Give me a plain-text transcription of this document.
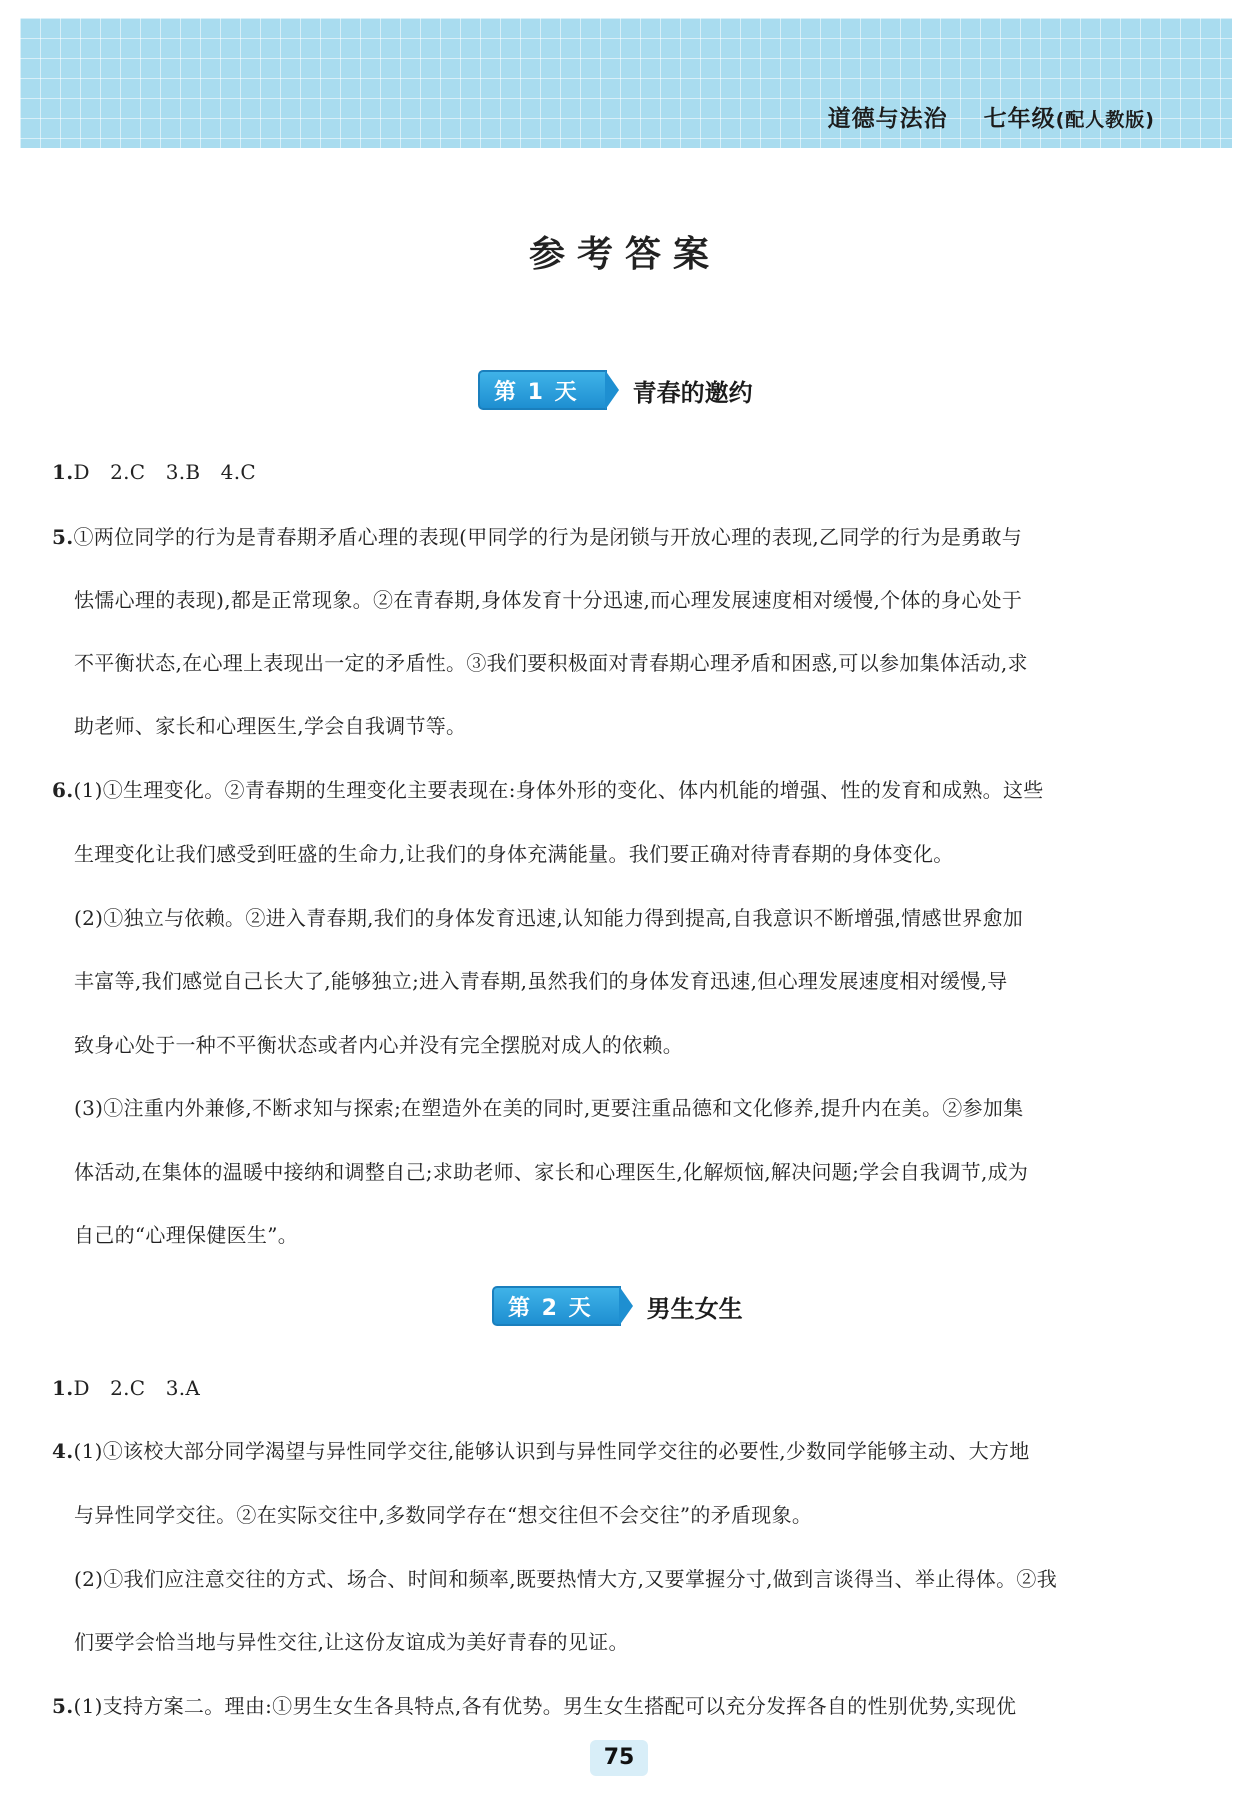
道德与法治 七年级(配人教版)
参考答案
第 1 天	青春的邀约
1.D　2.C　3.B　4.C
5.①两位同学的行为是青春期矛盾心理的表现(甲同学的行为是闭锁与开放心理的表现,乙同学的行为是勇敢与
怯懦心理的表现),都是正常现象。②在青春期,身体发育十分迅速,而心理发展速度相对缓慢,个体的身心处于
不平衡状态,在心理上表现出一定的矛盾性。③我们要积极面对青春期心理矛盾和困惑,可以参加集体活动,求
助老师、家长和心理医生,学会自我调节等。
6.(1)①生理变化。②青春期的生理变化主要表现在:身体外形的变化、体内机能的增强、性的发育和成熟。这些
生理变化让我们感受到旺盛的生命力,让我们的身体充满能量。我们要正确对待青春期的身体变化。
(2)①独立与依赖。②进入青春期,我们的身体发育迅速,认知能力得到提高,自我意识不断增强,情感世界愈加
丰富等,我们感觉自己长大了,能够独立;进入青春期,虽然我们的身体发育迅速,但心理发展速度相对缓慢,导
致身心处于一种不平衡状态或者内心并没有完全摆脱对成人的依赖。
(3)①注重内外兼修,不断求知与探索;在塑造外在美的同时,更要注重品德和文化修养,提升内在美。②参加集
体活动,在集体的温暖中接纳和调整自己;求助老师、家长和心理医生,化解烦恼,解决问题;学会自我调节,成为
自己的“心理保健医生”。
第 2 天	男生女生
1.D　2.C　3.A
4.(1)①该校大部分同学渴望与异性同学交往,能够认识到与异性同学交往的必要性,少数同学能够主动、大方地
与异性同学交往。②在实际交往中,多数同学存在“想交往但不会交往”的矛盾现象。
(2)①我们应注意交往的方式、场合、时间和频率,既要热情大方,又要掌握分寸,做到言谈得当、举止得体。②我
们要学会恰当地与异性交往,让这份友谊成为美好青春的见证。
5.(1)支持方案二。理由:①男生女生各具特点,各有优势。男生女生搭配可以充分发挥各自的性别优势,实现优
75
